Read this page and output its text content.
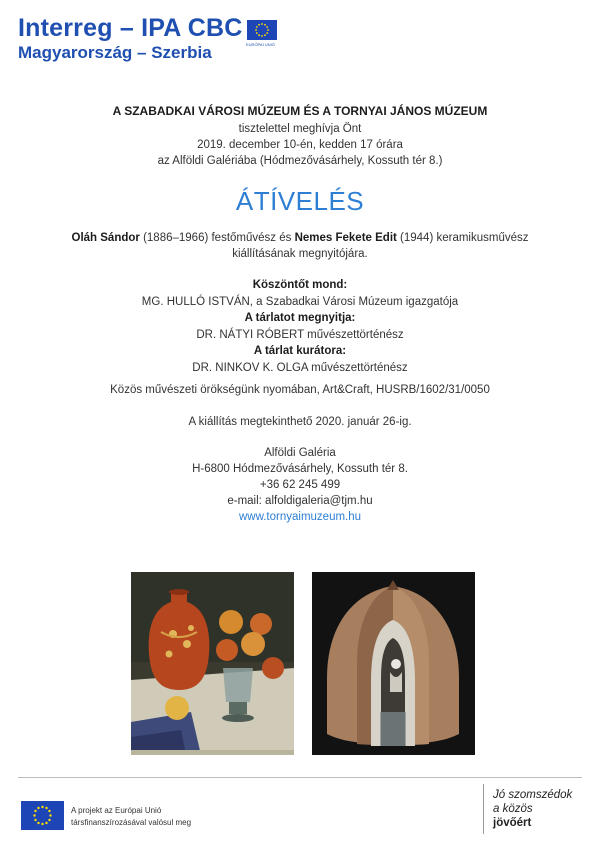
Interreg – IPA CBC
Magyarország – Szerbia	EURÓPAI UNIÓ
A SZABADKAI VÁROSI MÚZEUM ÉS A TORNYAI JÁNOS MÚZEUM
tisztelettel meghívja Önt
2019. december 10-én, kedden 17 órára
az Alföldi Galériába (Hódmezővásárhely, Kossuth tér 8.)
ÁTÍVELÉS
Oláh Sándor (1886–1966) festőművész és Nemes Fekete Edit (1944) keramikusművész
kiállításának megnyitójára.
Köszöntőt mond:
MG. HULLÓ ISTVÁN, a Szabadkai Városi Múzeum igazgatója
A tárlatot megnyitja:
DR. NÁTYI RÓBERT művészettörténész
A tárlat kurátora:
DR. NINKOV K. OLGA művészettörténész
Közös művészeti örökségünk nyomában, Art&Craft, HUSRB/1602/31/0050
A kiállítás megtekinthető 2020. január 26-ig.
Alföldi Galéria
H-6800 Hódmezővásárhely, Kossuth tér 8.
+36 62 245 499
e-mail: alfoldigaleria@tjm.hu
www.tornyaimuzeum.hu
A projekt az Európai Unió
társfinanszírozásával valósul meg
Jó szomszédok
a közös
jövőért
